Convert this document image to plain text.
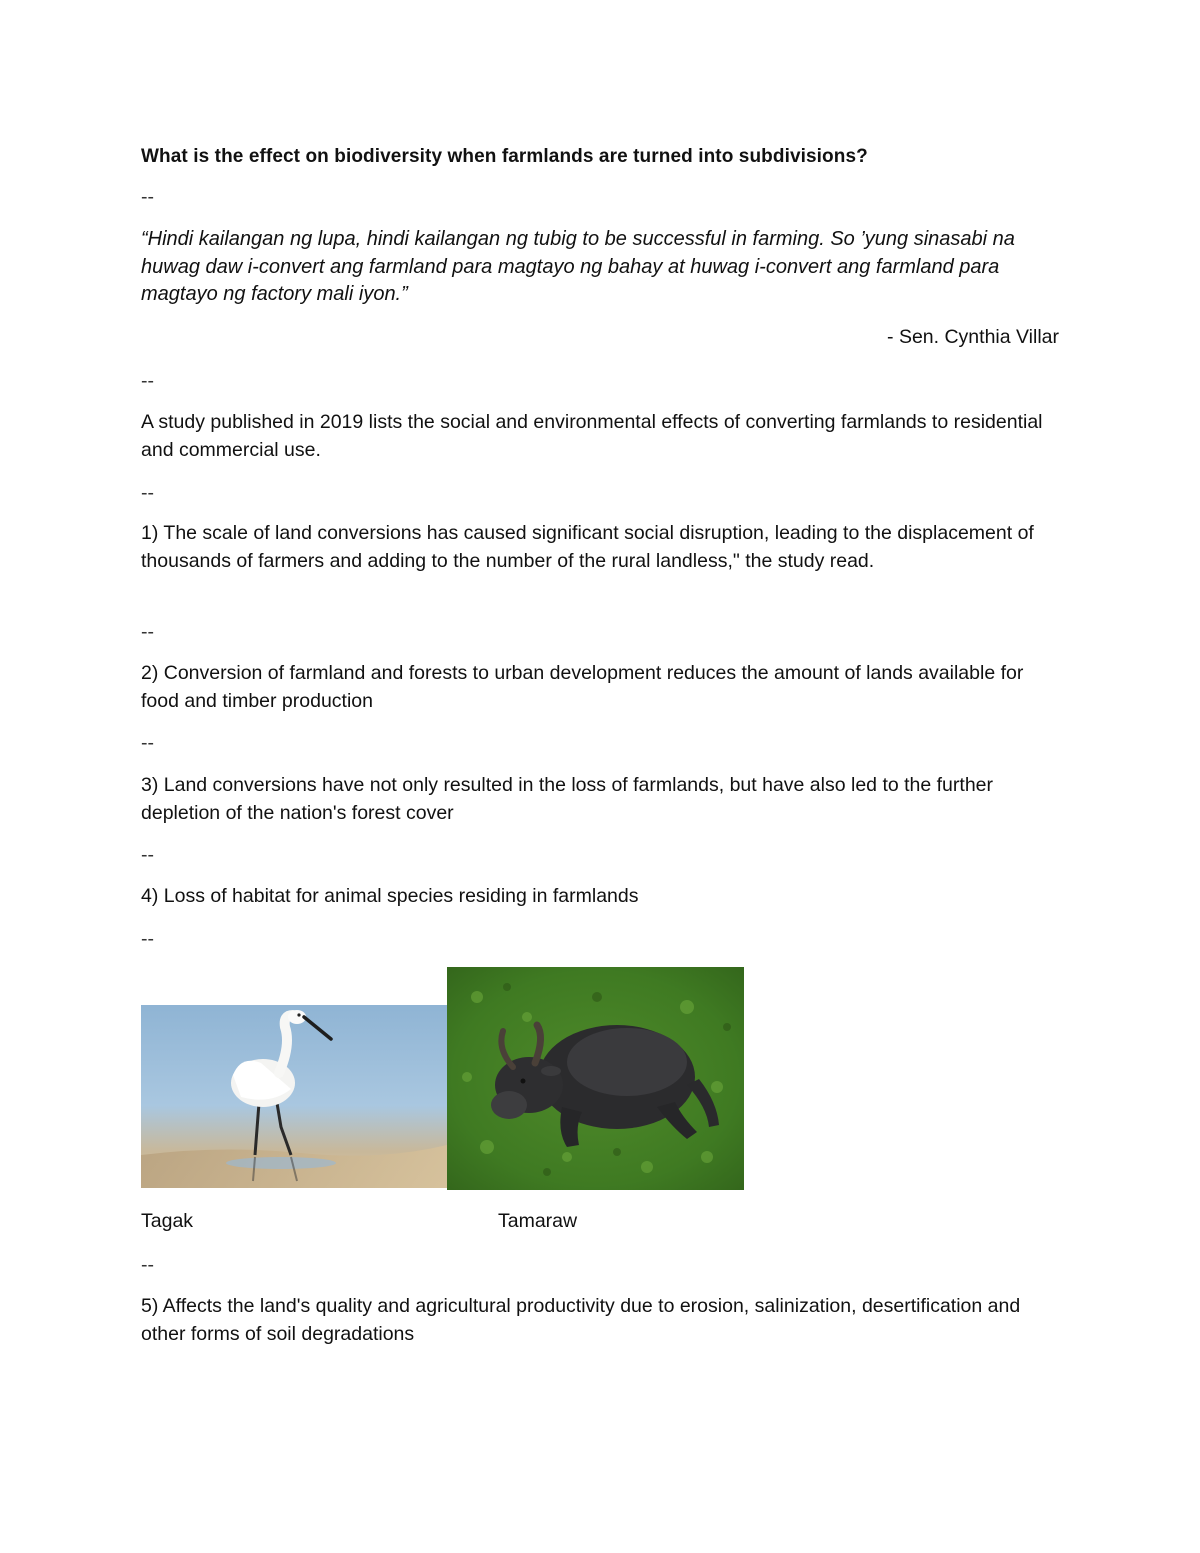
What is the effect on biodiversity when farmlands are turned into subdivisions?

--

“Hindi kailangan ng lupa, hindi kailangan ng tubig to be successful in farming. So ’yung sinasabi na huwag daw i-convert ang farmland para magtayo ng bahay at huwag i-convert ang farmland para magtayo ng factory mali iyon.”

- Sen. Cynthia Villar

--

A study published in 2019 lists the social and environmental effects of converting farmlands to residential and commercial use.

--

1) The scale of land conversions has caused significant social disruption, leading to the displacement of thousands of farmers and adding to the number of the rural landless," the study read.

--

2) Conversion of farmland and forests to urban development reduces the amount of lands available for food and timber production

--

3) Land conversions have not only resulted in the loss of farmlands, but have also led to the further depletion of the nation's forest cover

--

4) Loss of habitat for animal species residing in farmlands

--

Tagak	Tamaraw

--

5) Affects the land's quality and agricultural productivity due to erosion, salinization, desertification and other forms of soil degradations
